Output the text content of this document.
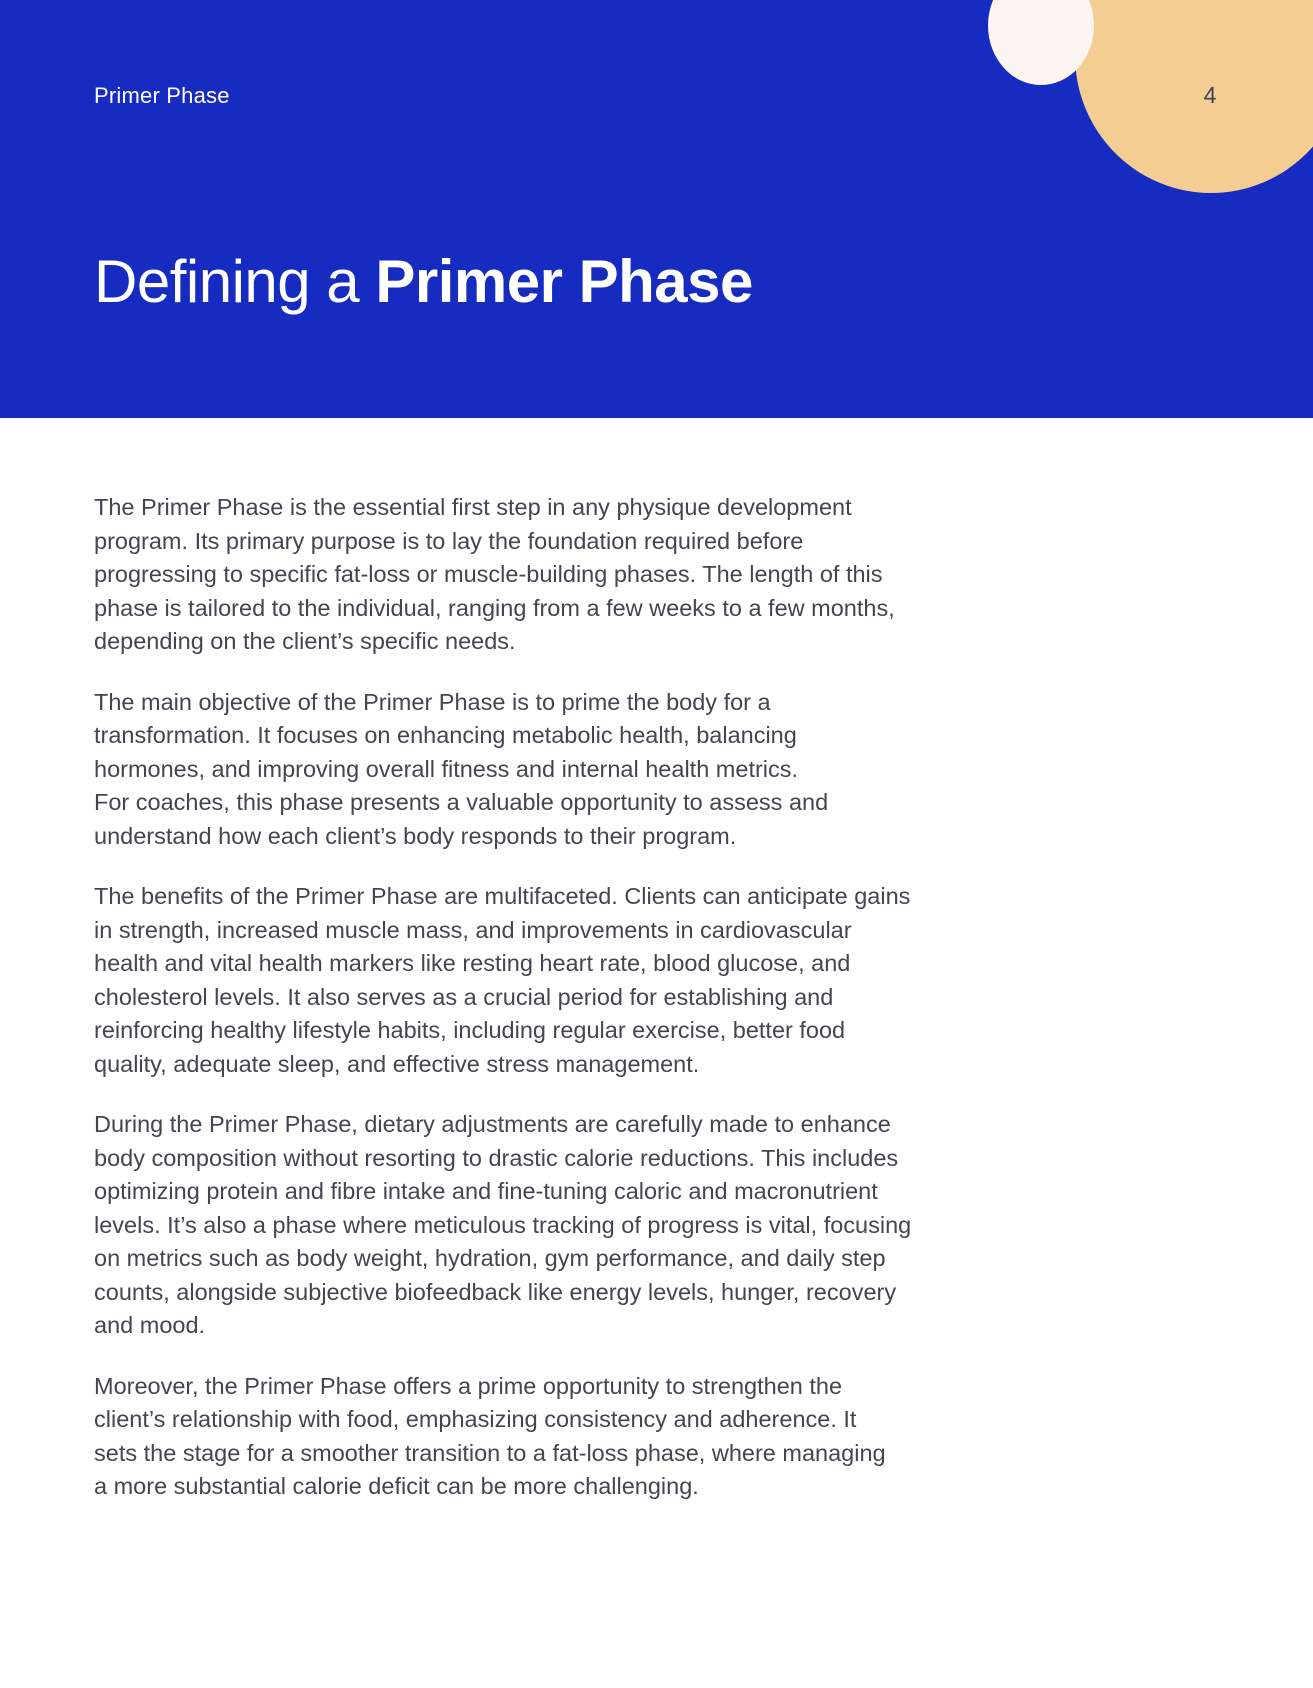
Primer Phase	4

Defining a Primer Phase

The Primer Phase is the essential first step in any physique development
program. Its primary purpose is to lay the foundation required before
progressing to specific fat-loss or muscle-building phases. The length of this
phase is tailored to the individual, ranging from a few weeks to a few months,
depending on the client’s specific needs.

The main objective of the Primer Phase is to prime the body for a
transformation. It focuses on enhancing metabolic health, balancing
hormones, and improving overall fitness and internal health metrics.
For coaches, this phase presents a valuable opportunity to assess and
understand how each client’s body responds to their program.

The benefits of the Primer Phase are multifaceted. Clients can anticipate gains
in strength, increased muscle mass, and improvements in cardiovascular
health and vital health markers like resting heart rate, blood glucose, and
cholesterol levels. It also serves as a crucial period for establishing and
reinforcing healthy lifestyle habits, including regular exercise, better food
quality, adequate sleep, and effective stress management.

During the Primer Phase, dietary adjustments are carefully made to enhance
body composition without resorting to drastic calorie reductions. This includes
optimizing protein and fibre intake and fine-tuning caloric and macronutrient
levels. It’s also a phase where meticulous tracking of progress is vital, focusing
on metrics such as body weight, hydration, gym performance, and daily step
counts, alongside subjective biofeedback like energy levels, hunger, recovery
and mood.

Moreover, the Primer Phase offers a prime opportunity to strengthen the
client’s relationship with food, emphasizing consistency and adherence. It
sets the stage for a smoother transition to a fat-loss phase, where managing
a more substantial calorie deficit can be more challenging.
